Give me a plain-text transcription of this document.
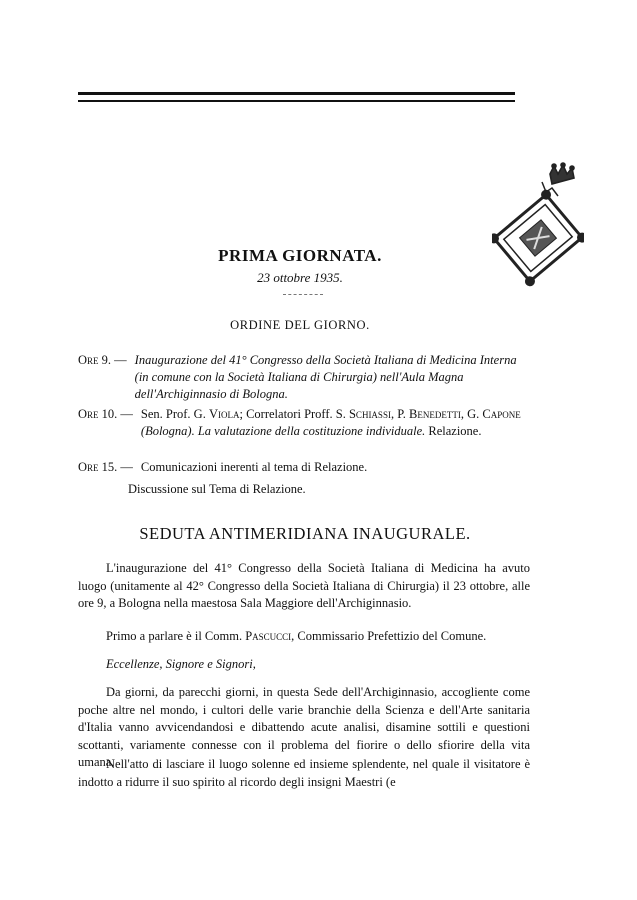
PRIMA GIORNATA.
23 ottobre 1935.
ORDINE DEL GIORNO.
Ore 9. — Inaugurazione del 41° Congresso della Società Italiana di Medicina Interna (in comune con la Società Italiana di Chirurgia) nell'Aula Magna dell'Archiginnasio di Bologna.
Ore 10. — Sen. Prof. G. Viola; Correlatori Proff. S. Schiassi, P. Benedetti, G. Capone (Bologna). La valutazione della costituzione individuale. Relazione.
Ore 15. — Comunicazioni inerenti al tema di Relazione.
Discussione sul Tema di Relazione.
SEDUTA ANTIMERIDIANA INAUGURALE.

L'inaugurazione del 41° Congresso della Società Italiana di Medicina ha avuto luogo (unitamente al 42° Congresso della Società Italiana di Chirurgia) il 23 ottobre, alle ore 9, a Bologna nella maestosa Sala Maggiore dell'Archiginnasio.

Primo a parlare è il Comm. Pascucci, Commissario Prefettizio del Comune.

Eccellenze, Signore e Signori,

Da giorni, da parecchi giorni, in questa Sede dell'Archiginnasio, accogliente come poche altre nel mondo, i cultori delle varie branchie della Scienza e dell'Arte sanitaria d'Italia vanno avvicendandosi e dibattendo acute analisi, disamine sottili e questioni scottanti, variamente connesse con il problema del fiorire o dello sfiorire della vita umana.

Nell'atto di lasciare il luogo solenne ed insieme splendente, nel quale il visitatore è indotto a ridurre il suo spirito al ricordo degli insigni Maestri (e
